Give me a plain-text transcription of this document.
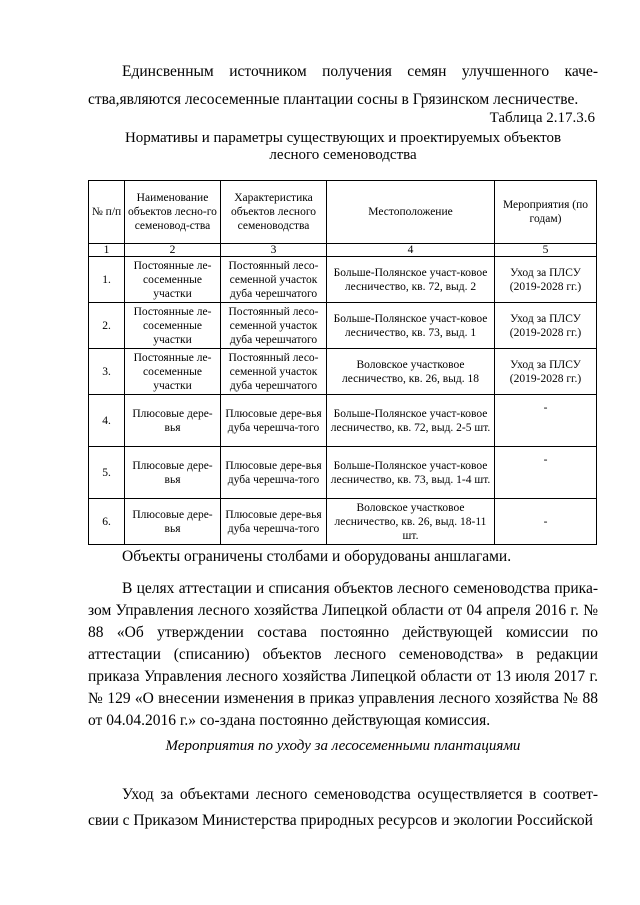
Единсвенным источником получения семян улучшенного каче-
ства,являются лесосеменные плантации сосны в Грязинском лесничестве.
Таблица 2.17.3.6
Нормативы и параметры существующих и проектируемых объектов
лесного семеноводства
№ п/п	Наименование объектов лесно-го семеновод-ства	Характеристика объектов лесного семеноводства	Местоположение	Мероприятия (по годам)
1	2	3	4	5
1.	Постоянные ле-сосеменные участки	Постоянный лесо-семенной участок дуба черешчатого	Больше-Полянское участ-ковое лесничество, кв. 72, выд. 2	Уход за ПЛСУ (2019-2028 гг.)
2.	Постоянные ле-сосеменные участки	Постоянный лесо-семенной участок дуба черешчатого	Больше-Полянское участ-ковое лесничество, кв. 73, выд. 1	Уход за ПЛСУ (2019-2028 гг.)
3.	Постоянные ле-сосеменные участки	Постоянный лесо-семенной участок дуба черешчатого	Воловское участковое лесничество, кв. 26, выд. 18	Уход за ПЛСУ (2019-2028 гг.)
4.	Плюсовые дере-вья	Плюсовые дере-вья дуба черешча-того	Больше-Полянское участ-ковое лесничество, кв. 72, выд. 2-5 шт.	-
5.	Плюсовые дере-вья	Плюсовые дере-вья дуба черешча-того	Больше-Полянское участ-ковое лесничество, кв. 73, выд. 1-4 шт.	-
6.	Плюсовые дере-вья	Плюсовые дере-вья дуба черешча-того	Воловское участковое лесничество, кв. 26, выд. 18-11 шт.	-
Объекты ограничены столбами и оборудованы аншлагами.
В целях аттестации и списания объектов лесного семеноводства прика-зом Управления лесного хозяйства Липецкой области от 04 апреля 2016 г. № 88 «Об утверждении состава постоянно действующей комиссии по аттестации (списанию) объектов лесного семеноводства» в редакции приказа Управления лесного хозяйства Липецкой области от 13 июля 2017 г. № 129 «О внесении изменения в приказ управления лесного хозяйства № 88 от 04.04.2016 г.» со-здана постоянно действующая комиссия.
Мероприятия по уходу за лесосеменными плантациями
Уход за объектами лесного семеноводства осуществляется в соответ-свии с Приказом Министерства природных ресурсов и экологии Российской
